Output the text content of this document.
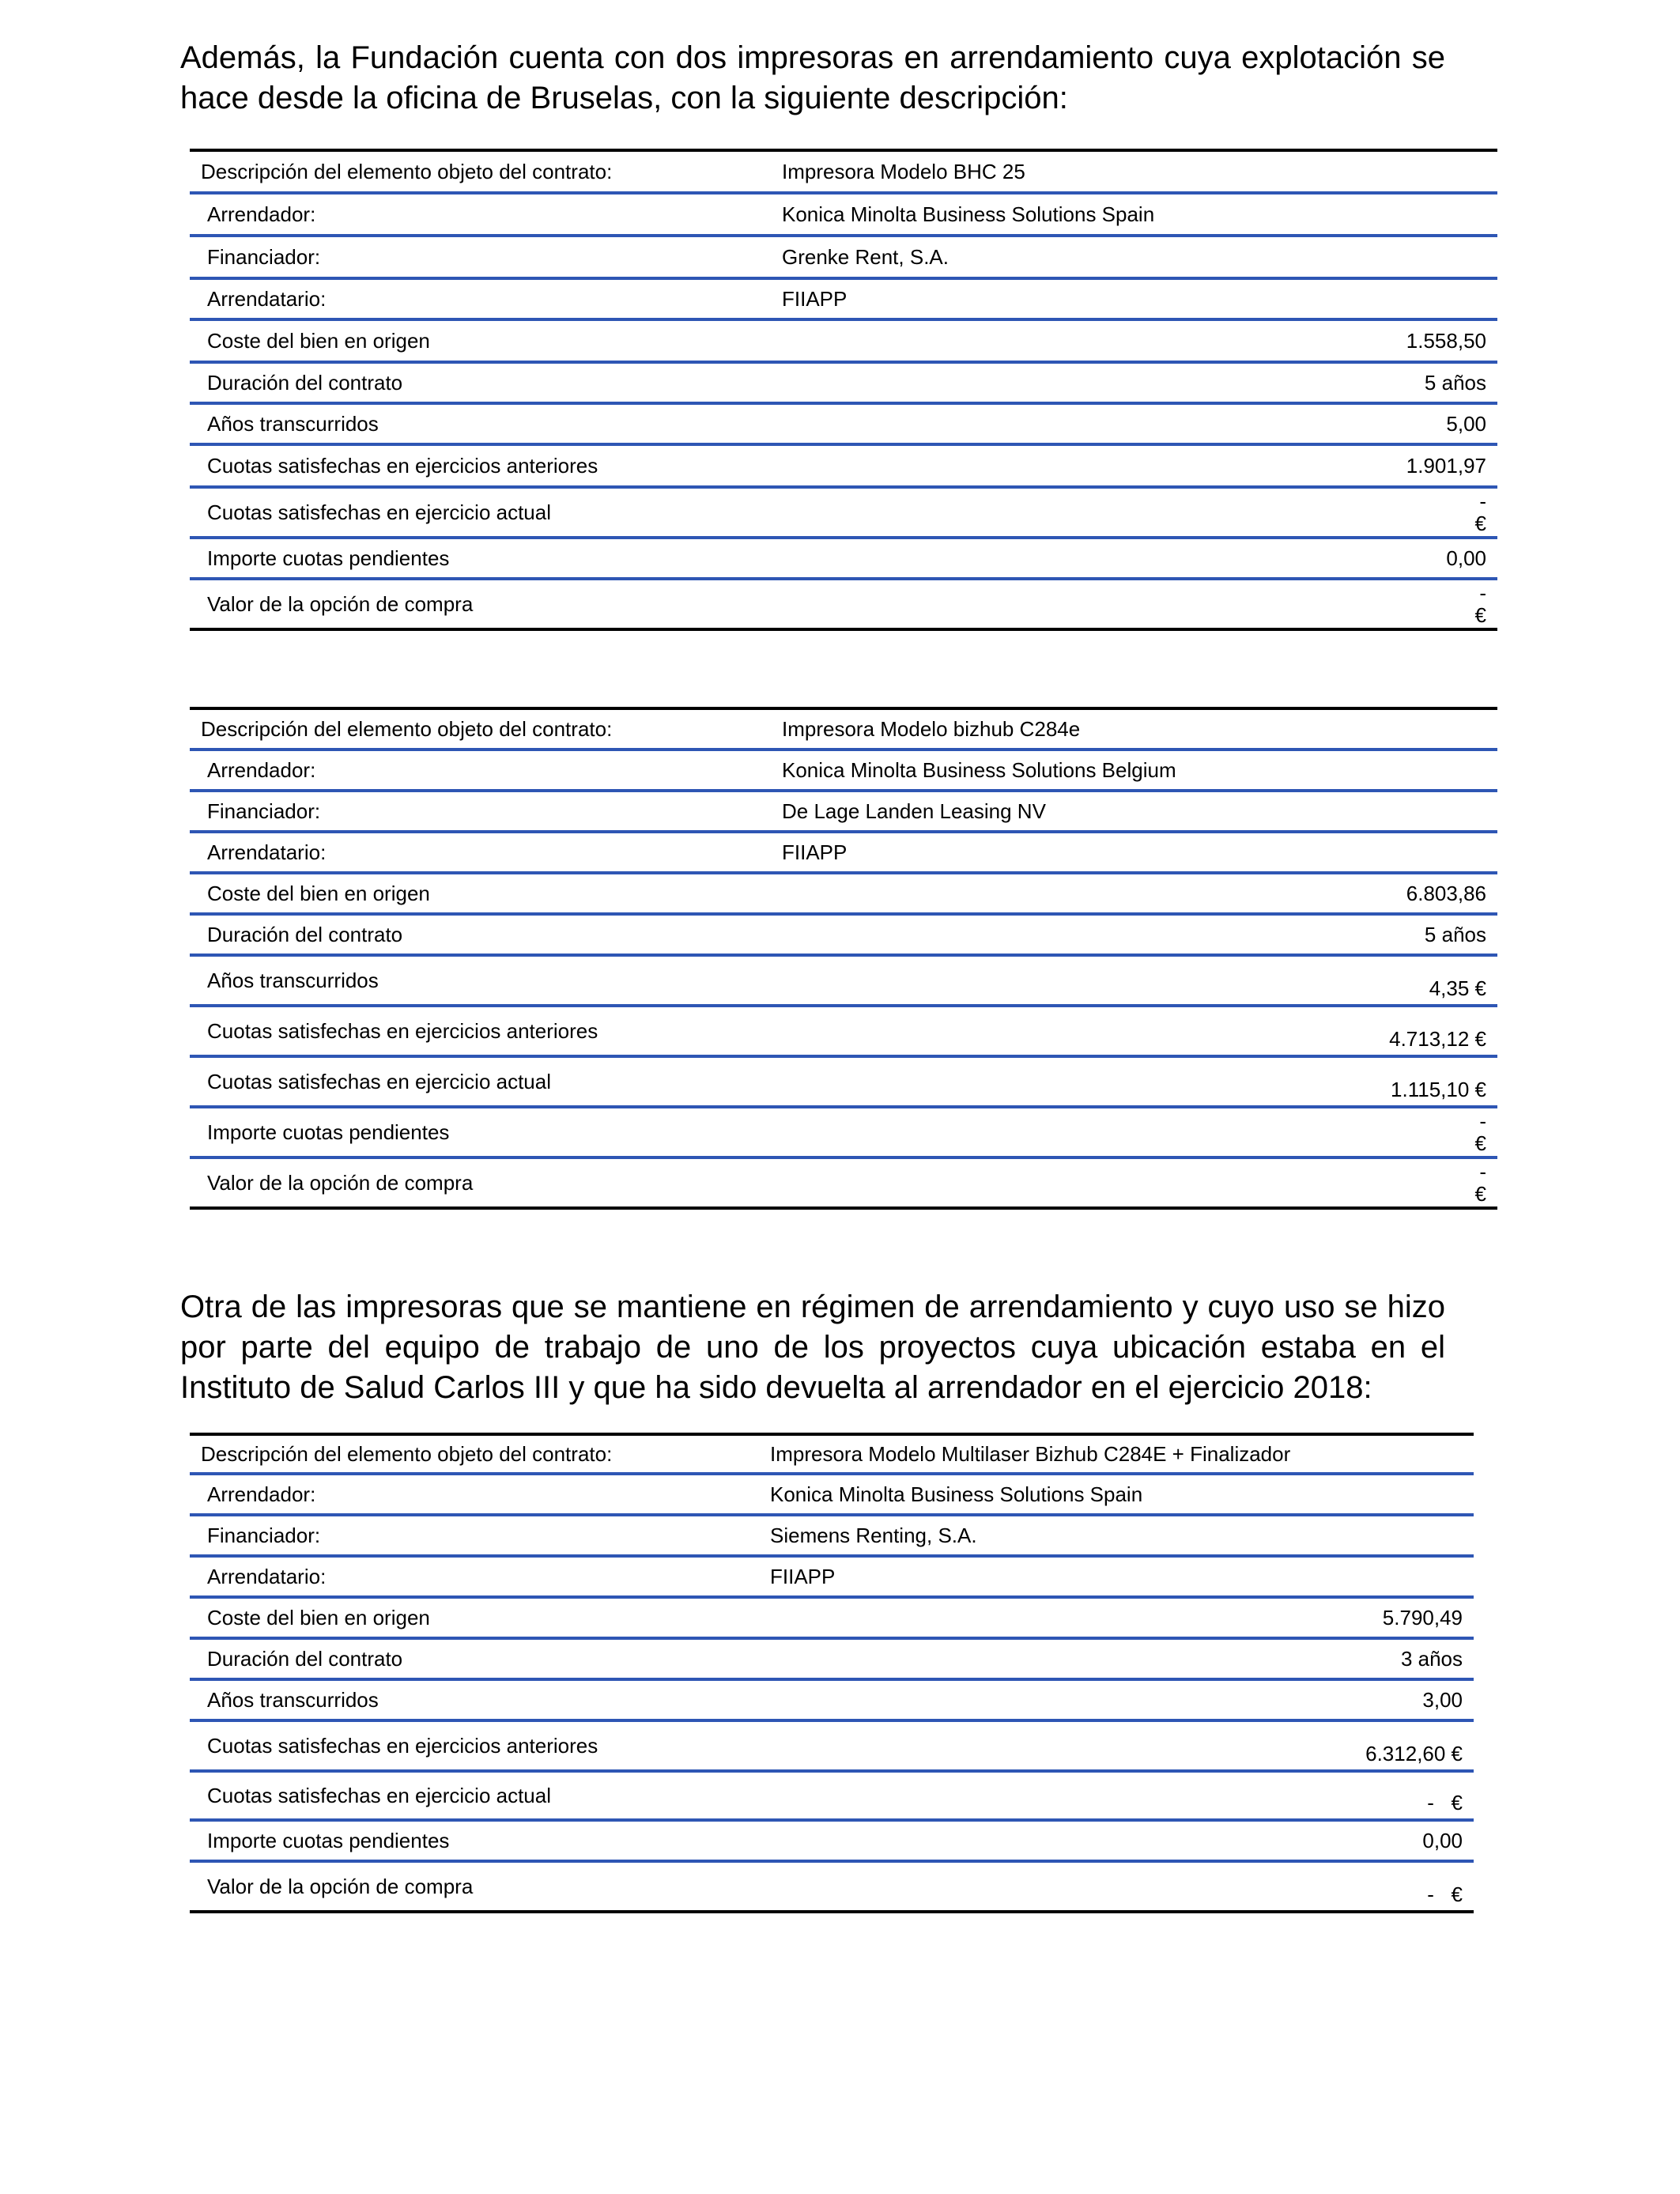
Además, la Fundación cuenta con dos impresoras en arrendamiento cuya explotación se hace desde la oficina de Bruselas, con la siguiente descripción:

Descripción del elemento objeto del contrato:	Impresora Modelo BHC 25	
Arrendador:	Konica Minolta Business Solutions Spain	
Financiador:	Grenke Rent, S.A.	
Arrendatario:	FIIAPP	
Coste del bien en origen		1.558,50
Duración del contrato		5 años
Años transcurridos		5,00
Cuotas satisfechas en ejercicios anteriores		1.901,97
Cuotas satisfechas en ejercicio actual		-
€

Importe cuotas pendientes		0,00
Valor de la opción de compra		-
€
Descripción del elemento objeto del contrato:	Impresora Modelo bizhub C284e	
Arrendador:	Konica Minolta Business Solutions Belgium	
Financiador:	De Lage Landen Leasing NV	
Arrendatario:	FIIAPP	
Coste del bien en origen		6.803,86
Duración del contrato		5 años
Años transcurridos		4,35 €
Cuotas satisfechas en ejercicios anteriores		4.713,12 €
Cuotas satisfechas en ejercicio actual		1.115,10 €
Importe cuotas pendientes		-
€

Valor de la opción de compra		-
€

Otra de las impresoras que se mantiene en régimen de arrendamiento y cuyo uso se hizo por parte del equipo de trabajo de uno de los proyectos cuya ubicación estaba en el Instituto de Salud Carlos III y que ha sido devuelta al arrendador en el ejercicio 2018:

Descripción del elemento objeto del contrato:	Impresora Modelo Multilaser Bizhub C284E + Finalizador	
Arrendador:	Konica Minolta Business Solutions Spain	
Financiador:	Siemens Renting, S.A.	
Arrendatario:	FIIAPP	
Coste del bien en origen		5.790,49
Duración del contrato		3 años
Años transcurridos		3,00
Cuotas satisfechas en ejercicios anteriores		6.312,60 €
Cuotas satisfechas en ejercicio actual		-   €
Importe cuotas pendientes		0,00
Valor de la opción de compra		-   €
